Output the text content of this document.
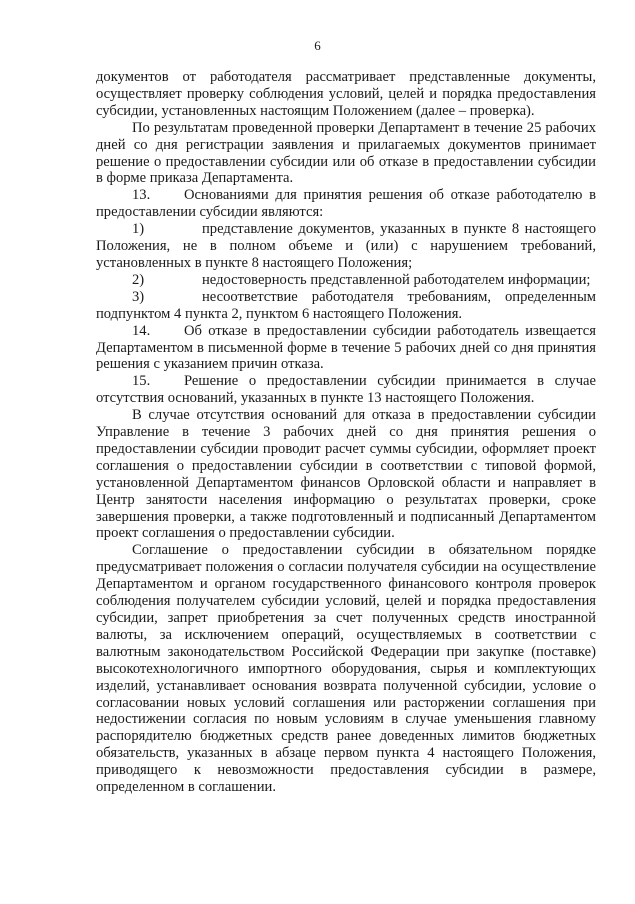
6

документов от работодателя рассматривает представленные документы, осуществляет проверку соблюдения условий, целей и порядка предоставления субсидии, установленных настоящим Положением (далее – проверка).

По результатам проведенной проверки Департамент в течение 25 рабочих дней со дня регистрации заявления и прилагаемых документов принимает решение о предоставлении субсидии или об отказе в предоставлении субсидии в форме приказа Департамента.

13. Основаниями для принятия решения об отказе работодателю в предоставлении субсидии являются:

1)	представление документов, указанных в пункте 8 настоящего Положения, не в полном объеме и (или) с нарушением требований, установленных в пункте 8 настоящего Положения;

2)	недостоверность представленной работодателем информации;

3)	несоответствие работодателя требованиям, определенным подпунктом 4 пункта 2, пунктом 6 настоящего Положения.

14. Об отказе в предоставлении субсидии работодатель извещается Департаментом в письменной форме в течение 5 рабочих дней со дня принятия решения с указанием причин отказа.

15. Решение о предоставлении субсидии принимается в случае отсутствия оснований, указанных в пункте 13 настоящего Положения.

В случае отсутствия оснований для отказа в предоставлении субсидии Управление в течение 3 рабочих дней со дня принятия решения о предоставлении субсидии проводит расчет суммы субсидии, оформляет проект соглашения о предоставлении субсидии в соответствии с типовой формой, установленной Департаментом финансов Орловской области и направляет в Центр занятости населения информацию о результатах проверки, сроке завершения проверки, а также подготовленный и подписанный Департаментом проект соглашения о предоставлении субсидии.

Соглашение о предоставлении субсидии в обязательном порядке предусматривает положения о согласии получателя субсидии на осуществление Департаментом и органом государственного финансового контроля проверок соблюдения получателем субсидии условий, целей и порядка предоставления субсидии, запрет приобретения за счет полученных средств иностранной валюты, за исключением операций, осуществляемых в соответствии с валютным законодательством Российской Федерации при закупке (поставке) высокотехнологичного импортного оборудования, сырья и комплектующих изделий, устанавливает основания возврата полученной субсидии, условие о согласовании новых условий соглашения или расторжении соглашения при недостижении согласия по новым условиям в случае уменьшения главному распорядителю бюджетных средств ранее доведенных лимитов бюджетных обязательств, указанных в абзаце первом пункта 4 настоящего Положения, приводящего к невозможности предоставления субсидии в размере, определенном в соглашении.
